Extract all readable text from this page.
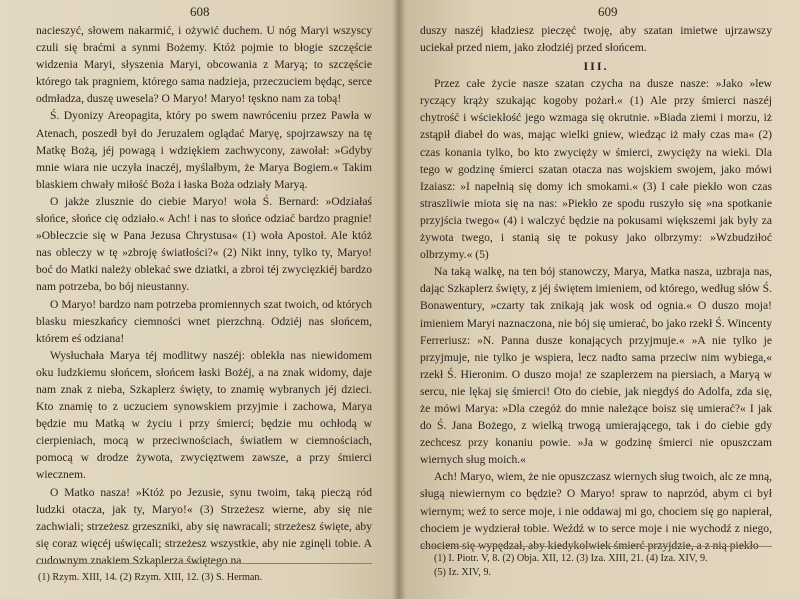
608

nacieszyć, słowem nakarmić, i ożywić duchem. U nóg Maryi wszyscy czuli się braćmi a synmi Bożemy. Któż pojmie to błogie szczęście widzenia Maryi, słyszenia Maryi, obcowania z Maryą; to szczęście którego tak pragniem, którego sama nadzieja, przeczuciem będąc, serce odmładza, duszę uwesela? O Maryo! Maryo! tęskno nam za tobą!

Ś. Dyonizy Areopagita, który po swem nawróceniu przez Pawła w Atenach, poszedł był do Jeruzalem oglądać Maryę, spojrzawszy na tę Matkę Bożą, jéj powagą i wdziękiem zachwycony, zawołał: »Gdyby mnie wiara nie uczyła inaczéj, myślałbym, że Marya Bogiem.« Takim blaskiem chwały miłość Boża i łaska Boża odziały Maryą.

O jakże zlusznie do ciebie Maryo! woła Ś. Bernard: »Odziałaś słońce, słońce cię odziało.« Ach! i nas to słońce odziać bardzo pragnie! »Obleczcie się w Pana Jezusa Chrystusa« (1) woła Apostoł. Ale któż nas obleczy w tę »zbroję światłości?« (2) Nikt inny, tylko ty, Maryo! boć do Matki należy oblekać swe dziatki, a zbroi téj zwycięzkiéj bardzo nam potrzeba, bo bój nieustanny.

O Maryo! bardzo nam potrzeba promiennych szat twoich, od których blasku mieszkańcy ciemności wnet pierzchną. Odziéj nas słońcem, którem eś odziana!

Wysłuchała Marya téj modlitwy naszéj: oblekła nas niewidomem oku ludzkiemu słońcem, słońcem łaski Bożéj, a na znak widomy, daje nam znak z nieba, Szkaplerz święty, to znamię wybranych jéj dzieci. Kto znamię to z uczuciem synowskiem przyjmie i zachowa, Marya będzie mu Matką w życiu i przy śmierci; będzie mu ochłodą w cierpieniach, mocą w przeciwnościach, światłem w ciemnościach, pomocą w drodze żywota, zwycięztwem zawsze, a przy śmierci wiecznem.

O Matko nasza! »Któż po Jezusie, synu twoim, taką pieczą ród ludzki otacza, jak ty, Maryo!« (3) Strzeżesz wierne, aby się nie zachwiali; strzeżesz grzeszniki, aby się nawracali; strzeżesz święte, aby się coraz więcéj uświęcali; strzeżesz wszystkie, aby nie zginęli tobie. A cudownym znakiem Szkaplerza świętego na

(1) Rzym. XIII, 14. (2) Rzym. XIII, 12. (3) S. Herman.
609

duszy naszéj kładziesz pieczęć twoję, aby szatan imietwe ujrzawszy uciekał przed niem, jako złodziéj przed słońcem.

III.

Przez całe życie nasze szatan czycha na dusze nasze: »Jako »lew ryczący krąży szukając kogoby pożarł.« (1) Ale przy śmierci naszéj chytrość i wściekłość jego wzmaga się okrutnie. »Biada ziemi i morzu, iż zstąpił diabeł do was, mając wielki gniew, wiedząc iż mały czas ma« (2) czas konania tylko, bo kto zwycięży w śmierci, zwycięży na wieki. Dla tego w godzinę śmierci szatan otacza nas wojskiem swojem, jako mówi Izaiasz: »I napełnią się domy ich smokami.« (3) I całe piekło won czas straszliwie miota się na nas: »Piekło ze spodu ruszyło się »na spotkanie przyjścia twego« (4) i walczyć będzie na pokusami większemi jak były za żywota twego, i stanią się te pokusy jako olbrzymy: »Wzbudziłoć olbrzymy.« (5)

Na taką walkę, na ten bój stanowczy, Marya, Matka nasza, uzbraja nas, dając Szkaplerz święty, z jéj świętem imieniem, od którego, według słów Ś. Bonawentury, »czarty tak znikają jak wosk od ognia.« O duszo moja! imieniem Maryi naznaczona, nie bój się umierać, bo jako rzekł Ś. Wincenty Ferreriusz: »N. Panna dusze konających przyjmuje.« »A nie tylko je przyjmuje, nie tylko je wspiera, lecz nadto sama przeciw nim wybiega,« rzekł Ś. Hieronim. O duszo moja! ze szaplerzem na piersiach, a Maryą w sercu, nie lękaj się śmierci! Oto do ciebie, jak niegdyś do Adolfa, zda się, że mówi Marya: »Dla czegóż do mnie należące boisz się umierać?« I jak do Ś. Jana Bożego, z wielką trwogą umierającego, tak i do ciebie gdy zechcesz przy konaniu powie. »Ja w godzinę śmierci nie opuszczam wiernych sług moich.«

Ach! Maryo, wiem, że nie opuszczasz wiernych sług twoich, alc ze mną, sługą niewiernym co będzie? O Maryo! spraw to naprzód, abym ci był wiernym; weź to serce moje, i nie oddawaj mi go, chociem się go napierał, chociem je wydzierał tobie. Weźdź w to serce moje i nie wychodź z niego, chociem się wypędzał, aby kiedykolwiek śmierć przyjdzie, a z nią piekło

(1) I. Piotr. V, 8. (2) Obja. XII, 12. (3) Iza. XIII, 21. (4) Iza. XIV, 9.
(5) Iz. XIV, 9.
